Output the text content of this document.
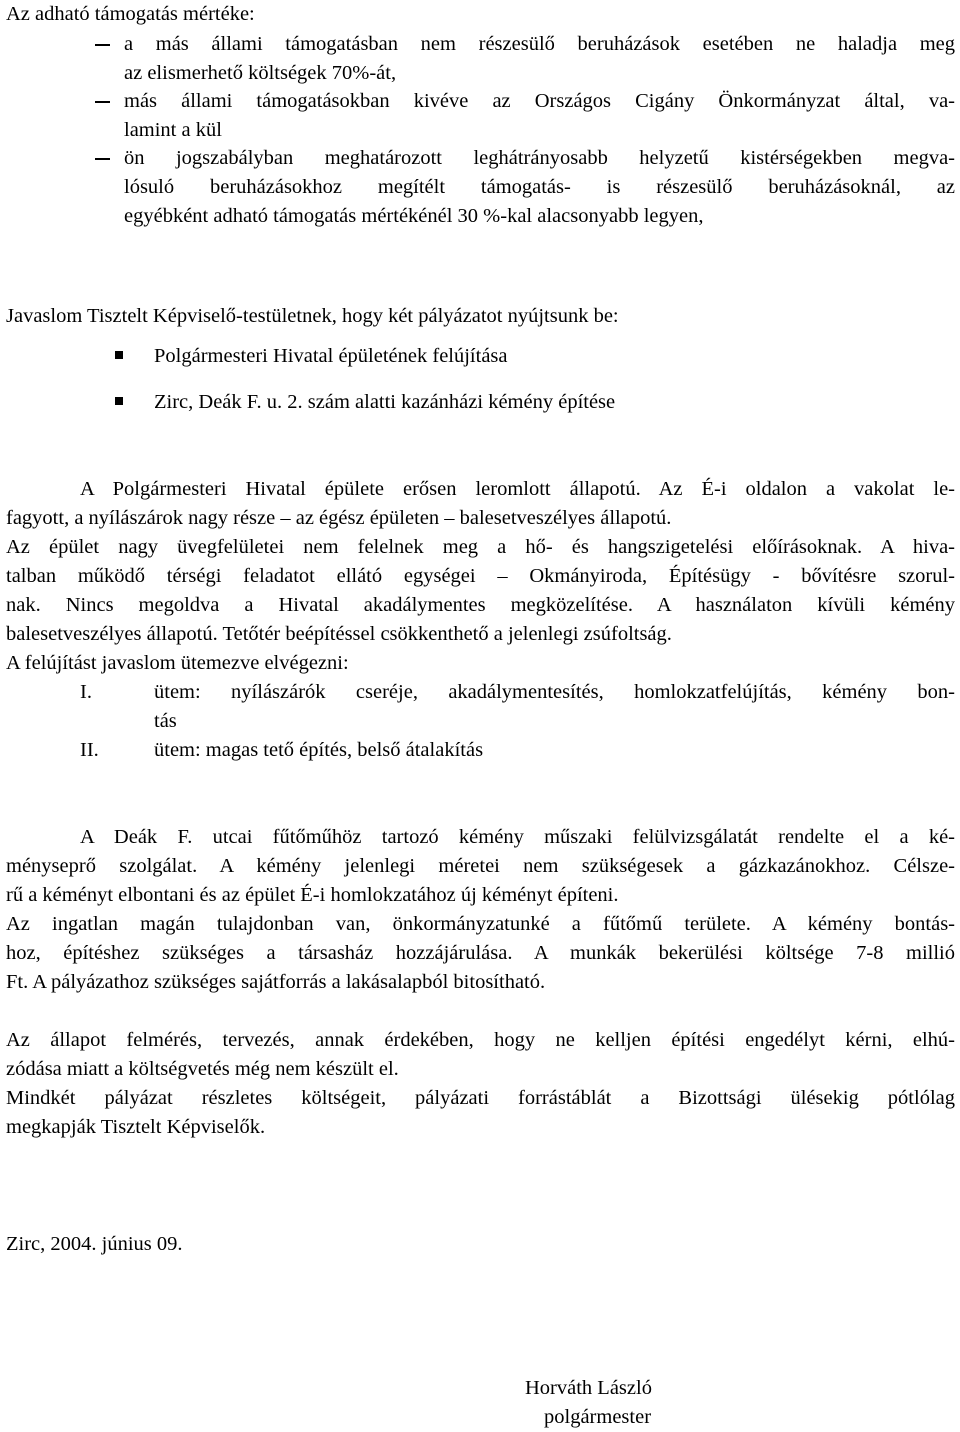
Az adható támogatás mértéke:
a más állami támogatásban nem részesülő beruházások esetében ne haladja meg
az elismerhető költségek 70%-át,
más állami támogatásokban kivéve az Országos Cigány Önkormányzat által, va-
lamint a kül
ön jogszabályban meghatározott leghátrányosabb helyzetű kistérségekben megva-
lósuló beruházásokhoz megítélt támogatás- is részesülő beruházásoknál, az
egyébként adható támogatás mértékénél 30 %-kal alacsonyabb legyen,
Javaslom Tisztelt Képviselő-testületnek, hogy két pályázatot nyújtsunk be:
Polgármesteri Hivatal épületének felújítása
Zirc, Deák F. u. 2. szám alatti kazánházi kémény építése
A Polgármesteri Hivatal épülete erősen leromlott állapotú. Az É-i oldalon a vakolat le-
fagyott, a nyílászárok nagy része – az égész épületen – balesetveszélyes állapotú.
Az épület nagy üvegfelületei nem felelnek meg a hő- és hangszigetelési előírásoknak. A hiva-
talban működő térségi feladatot ellátó egységei – Okmányiroda, Építésügy - bővítésre szorul-
nak. Nincs megoldva a Hivatal akadálymentes megközelítése. A használaton kívüli kémény
balesetveszélyes állapotú. Tetőtér beépítéssel csökkenthető a jelenlegi zsúfoltság.
A felújítást javaslom ütemezve elvégezni:
I.	ütem: nyílászárók cseréje, akadálymentesítés, homlokzatfelújítás, kémény bon-
tás
II.	ütem: magas tető építés, belső átalakítás
A Deák F. utcai fűtőműhöz tartozó kémény műszaki felülvizsgálatát rendelte el a ké-
ményseprő szolgálat. A kémény jelenlegi méretei nem szükségesek a gázkazánokhoz. Célsze-
rű a kéményt elbontani és az épület É-i homlokzatához új kéményt építeni.
Az ingatlan magán tulajdonban van, önkormányzatunké a fűtőmű területe. A kémény bontás-
hoz, építéshez szükséges a társasház hozzájárulása. A munkák bekerülési költsége 7-8 millió
Ft. A pályázathoz szükséges sajátforrás a lakásalapból bitosítható.
Az állapot felmérés, tervezés, annak érdekében, hogy ne kelljen építési engedélyt kérni, elhú-
zódása miatt a költségvetés még nem készült el.
Mindkét pályázat részletes költségeit, pályázati forrástáblát a Bizottsági ülésekig pótlólag
megkapják Tisztelt Képviselők.
Zirc, 2004. június 09.
Horváth László
polgármester
